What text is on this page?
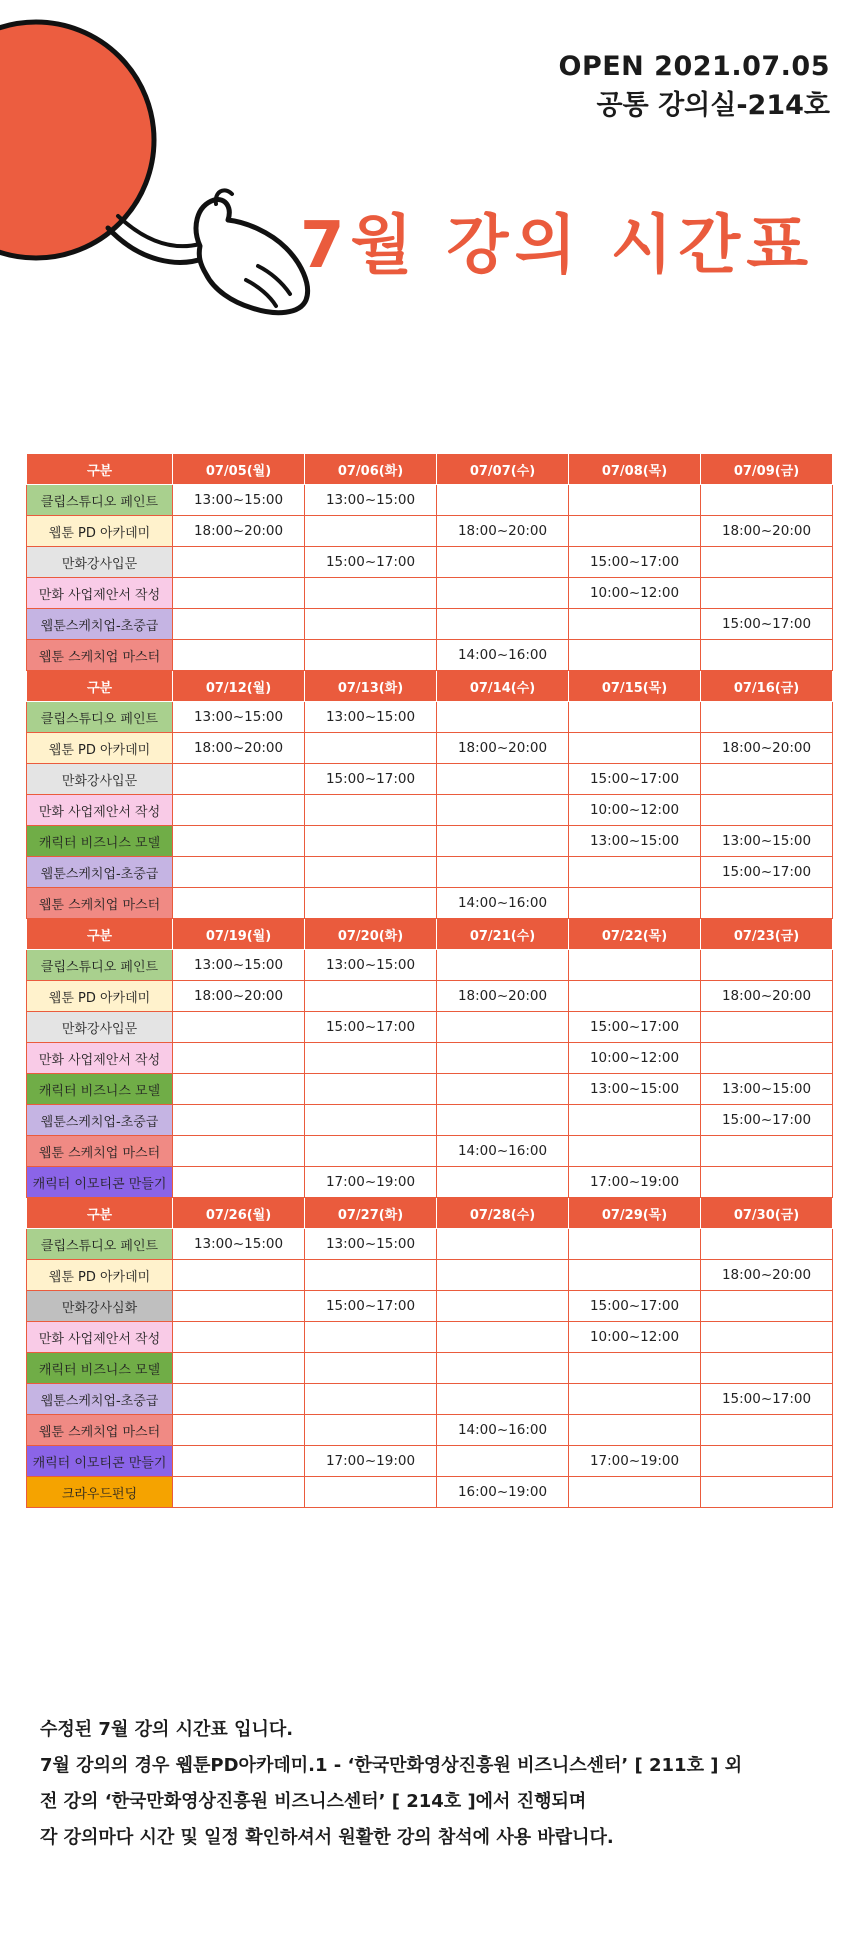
OPEN 2021.07.05
공통 강의실-214호
7월 강의 시간표
구분	07/05(월)	07/06(화)	07/07(수)	07/08(목)	07/09(금)
클립스튜디오 페인트	13:00~15:00	13:00~15:00			
웹툰 PD 아카데미	18:00~20:00		18:00~20:00		18:00~20:00
만화강사입문		15:00~17:00		15:00~17:00	
만화 사업제안서 작성				10:00~12:00	
웹툰스케치업-초중급					15:00~17:00
웹툰 스케치업 마스터			14:00~16:00		
구분	07/12(월)	07/13(화)	07/14(수)	07/15(목)	07/16(금)
클립스튜디오 페인트	13:00~15:00	13:00~15:00			
웹툰 PD 아카데미	18:00~20:00		18:00~20:00		18:00~20:00
만화강사입문		15:00~17:00		15:00~17:00	
만화 사업제안서 작성				10:00~12:00	
캐릭터 비즈니스 모델				13:00~15:00	13:00~15:00
웹툰스케치업-초중급					15:00~17:00
웹툰 스케치업 마스터			14:00~16:00		
구분	07/19(월)	07/20(화)	07/21(수)	07/22(목)	07/23(금)
클립스튜디오 페인트	13:00~15:00	13:00~15:00			
웹툰 PD 아카데미	18:00~20:00		18:00~20:00		18:00~20:00
만화강사입문		15:00~17:00		15:00~17:00	
만화 사업제안서 작성				10:00~12:00	
캐릭터 비즈니스 모델				13:00~15:00	13:00~15:00
웹툰스케치업-초중급					15:00~17:00
웹툰 스케치업 마스터			14:00~16:00		
캐릭터 이모티콘 만들기		17:00~19:00		17:00~19:00	
구분	07/26(월)	07/27(화)	07/28(수)	07/29(목)	07/30(금)
클립스튜디오 페인트	13:00~15:00	13:00~15:00			
웹툰 PD 아카데미					18:00~20:00
만화강사심화		15:00~17:00		15:00~17:00	
만화 사업제안서 작성				10:00~12:00	
캐릭터 비즈니스 모델					
웹툰스케치업-초중급					15:00~17:00
웹툰 스케치업 마스터			14:00~16:00		
캐릭터 이모티콘 만들기		17:00~19:00		17:00~19:00	
크라우드펀딩			16:00~19:00		

수정된 7월 강의 시간표 입니다.

7월 강의의 경우 웹툰PD아카데미.1 - ‘한국만화영상진흥원 비즈니스센터’ [ 211호 ] 외

전 강의 ‘한국만화영상진흥원 비즈니스센터’ [ 214호 ]에서 진행되며

각 강의마다 시간 및 일정 확인하셔서 원활한 강의 참석에 사용 바랍니다.
